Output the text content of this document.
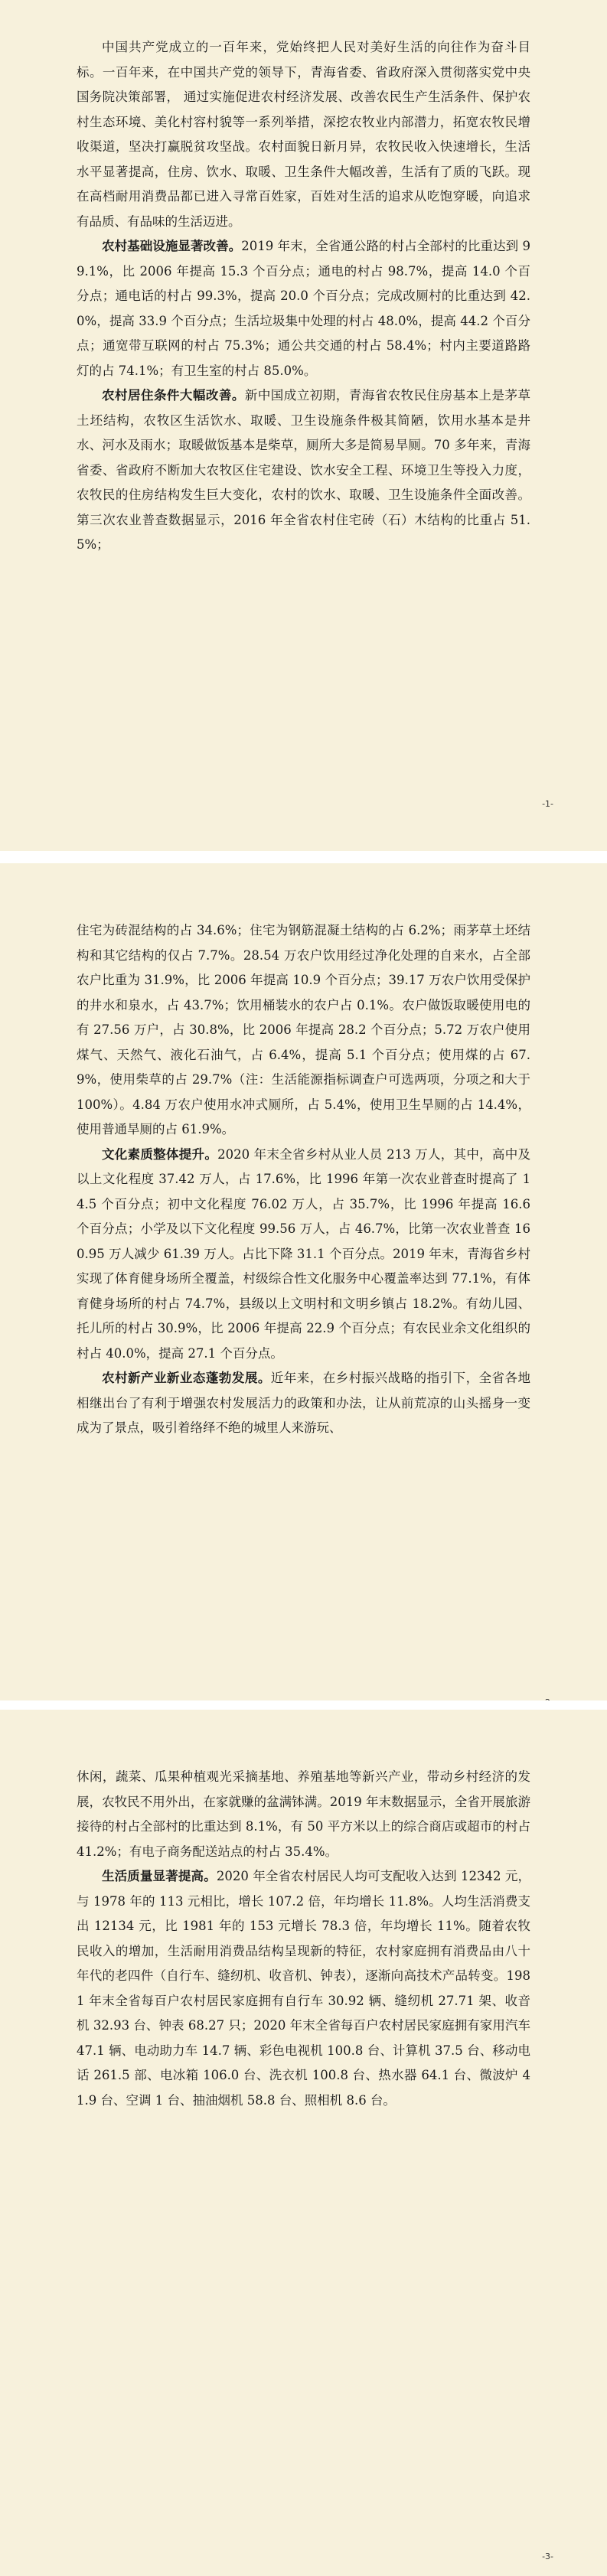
中国共产党成立的一百年来，党始终把人民对美好生活的向往作为奋斗目标。一百年来，在中国共产党的领导下，青海省委、省政府深入贯彻落实党中央国务院决策部署， 通过实施促进农村经济发展、改善农民生产生活条件、保护农村生态环境、美化村容村貌等一系列举措，深挖农牧业内部潜力，拓宽农牧民增收渠道，坚决打赢脱贫攻坚战。农村面貌日新月异，农牧民收入快速增长，生活水平显著提高，住房、饮水、取暖、卫生条件大幅改善，生活有了质的飞跃。现在高档耐用消费品都已进入寻常百姓家，百姓对生活的追求从吃饱穿暖，向追求有品质、有品味的生活迈进。

农村基础设施显著改善。2019 年末，全省通公路的村占全部村的比重达到 99.1%，比 2006 年提高 15.3 个百分点；通电的村占 98.7%，提高 14.0 个百分点；通电话的村占 99.3%，提高 20.0 个百分点；完成改厕村的比重达到 42.0%，提高 33.9 个百分点；生活垃圾集中处理的村占 48.0%，提高 44.2 个百分点；通宽带互联网的村占 75.3%；通公共交通的村占 58.4%；村内主要道路路灯的占 74.1%；有卫生室的村占 85.0%。

农村居住条件大幅改善。新中国成立初期，青海省农牧民住房基本上是茅草土坯结构，农牧区生活饮水、取暖、卫生设施条件极其简陋，饮用水基本是井水、河水及雨水；取暖做饭基本是柴草，厕所大多是简易旱厕。70 多年来，青海省委、省政府不断加大农牧区住宅建设、饮水安全工程、环境卫生等投入力度，农牧民的住房结构发生巨大变化，农村的饮水、取暖、卫生设施条件全面改善。第三次农业普查数据显示，2016 年全省农村住宅砖（石）木结构的比重占 51.5%；

-1-

住宅为砖混结构的占 34.6%；住宅为钢筋混凝土结构的占 6.2%；雨茅草土坯结构和其它结构的仅占 7.7%。28.54 万农户饮用经过净化处理的自来水，占全部农户比重为 31.9%，比 2006 年提高 10.9 个百分点；39.17 万农户饮用受保护的井水和泉水，占 43.7%；饮用桶装水的农户占 0.1%。农户做饭取暖使用电的有 27.56 万户，占 30.8%，比 2006 年提高 28.2 个百分点；5.72 万农户使用煤气、天然气、液化石油气，占 6.4%，提高 5.1 个百分点；使用煤的占 67.9%，使用柴草的占 29.7%（注：生活能源指标调查户可选两项，分项之和大于 100%）。4.84 万农户使用水冲式厕所，占 5.4%，使用卫生旱厕的占 14.4%，使用普通旱厕的占 61.9%。

文化素质整体提升。2020 年末全省乡村从业人员 213 万人，其中，高中及以上文化程度 37.42 万人，占 17.6%，比 1996 年第一次农业普查时提高了 14.5 个百分点；初中文化程度 76.02 万人，占 35.7%，比 1996 年提高 16.6 个百分点；小学及以下文化程度 99.56 万人，占 46.7%，比第一次农业普查 160.95 万人减少 61.39 万人。占比下降 31.1 个百分点。2019 年末，青海省乡村实现了体育健身场所全覆盖，村级综合性文化服务中心覆盖率达到 77.1%，有体育健身场所的村占 74.7%，县级以上文明村和文明乡镇占 18.2%。有幼儿园、托儿所的村占 30.9%，比 2006 年提高 22.9 个百分点；有农民业余文化组织的村占 40.0%，提高 27.1 个百分点。

农村新产业新业态蓬勃发展。近年来，在乡村振兴战略的指引下，全省各地相继出台了有利于增强农村发展活力的政策和办法，让从前荒凉的山头摇身一变成为了景点，吸引着络绎不绝的城里人来游玩、

休闲，蔬菜、瓜果种植观光采摘基地、养殖基地等新兴产业，带动乡村经济的发展，农牧民不用外出，在家就赚的盆满钵满。2019 年末数据显示，全省开展旅游接待的村占全部村的比重达到 8.1%，有 50 平方米以上的综合商店或超市的村占 41.2%；有电子商务配送站点的村占 35.4%。

生活质量显著提高。2020 年全省农村居民人均可支配收入达到 12342 元，与 1978 年的 113 元相比，增长 107.2 倍，年均增长 11.8%。人均生活消费支出 12134 元，比 1981 年的 153 元增长 78.3 倍，年均增长 11%。随着农牧民收入的增加，生活耐用消费品结构呈现新的特征，农村家庭拥有消费品由八十年代的老四件（自行车、缝纫机、收音机、钟表），逐渐向高技术产品转变。1981 年末全省每百户农村居民家庭拥有自行车 30.92 辆、缝纫机 27.71 架、收音机 32.93 台、钟表 68.27 只；2020 年末全省每百户农村居民家庭拥有家用汽车 47.1 辆、电动助力车 14.7 辆、彩色电视机 100.8 台、计算机 37.5 台、移动电话 261.5 部、电冰箱 106.0 台、洗衣机 100.8 台、热水器 64.1 台、微波炉 41.9 台、空调 1 台、抽油烟机 58.8 台、照相机 8.6 台。

-3-
